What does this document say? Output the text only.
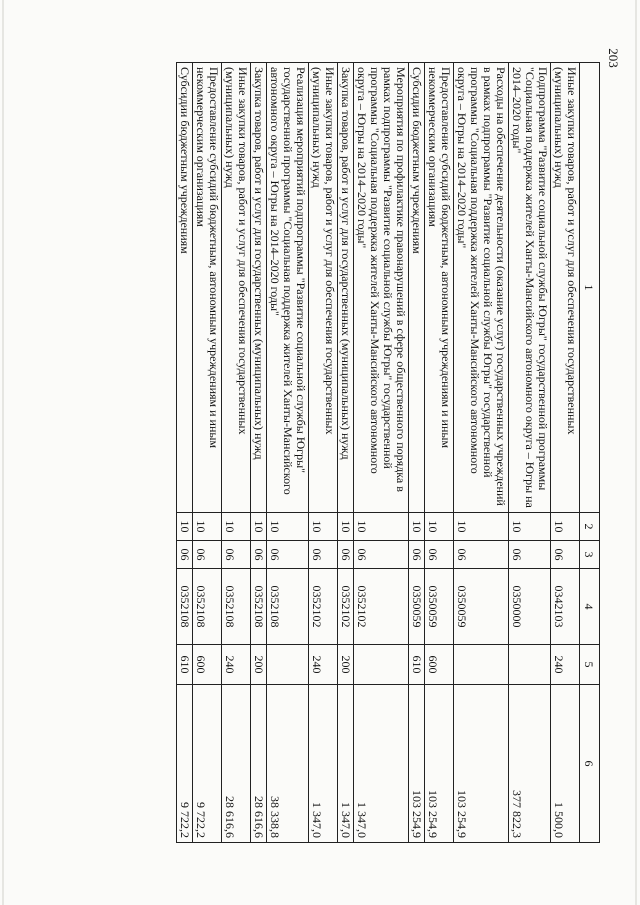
203
1	2	3	4	5	6
Иные закупки товаров, работ и услуг для обеспечения государственных (муниципальных) нужд	10	06	0342103	240	1 500,0
Подпрограмма "Развитие социальной службы Югры" государственной программы "Социальная поддержка жителей Ханты-Мансийского автономного округа – Югры на 2014–2020 годы"	10	06	0350000		377 822,3
Расходы на обеспечение деятельности (оказание услуг) государственных учреждений в рамках подпрограммы "Развитие социальной службы Югры" государственной программы "Социальная поддержка жителей Ханты-Мансийского автономного округа – Югры на 2014–2020 годы"	10	06	0350059		103 254,9
Предоставление субсидий бюджетным, автономным учреждениям и иным некоммерческим организациям	10	06	0350059	600	103 254,9
Субсидии бюджетным учреждениям	10	06	0350059	610	103 254,9
Мероприятия по профилактике правонарушений в сфере общественного порядка в рамках подпрограммы "Развитие социальной службы Югры" государственной программы "Социальная поддержка жителей Ханты-Мансийского автономного округа – Югры на 2014–2020 годы"	10	06	0352102		1 347,0
Закупка товаров, работ и услуг для государственных (муниципальных) нужд	10	06	0352102	200	1 347,0
Иные закупки товаров, работ и услуг для обеспечения государственных (муниципальных) нужд	10	06	0352102	240	1 347,0
Реализация мероприятий подпрограммы "Развитие социальной службы Югры" государственной программы "Социальная поддержка жителей Ханты-Мансийского автономного округа – Югры на 2014–2020 годы"	10	06	0352108		38 338,8
Закупка товаров, работ и услуг для государственных (муниципальных) нужд	10	06	0352108	200	28 616,6
Иные закупки товаров, работ и услуг для обеспечения государственных (муниципальных) нужд	10	06	0352108	240	28 616,6
Предоставление субсидий бюджетным, автономным учреждениям и иным некоммерческим организациям	10	06	0352108	600	9 722,2
Субсидии бюджетным учреждениям	10	06	0352108	610	9 722,2
